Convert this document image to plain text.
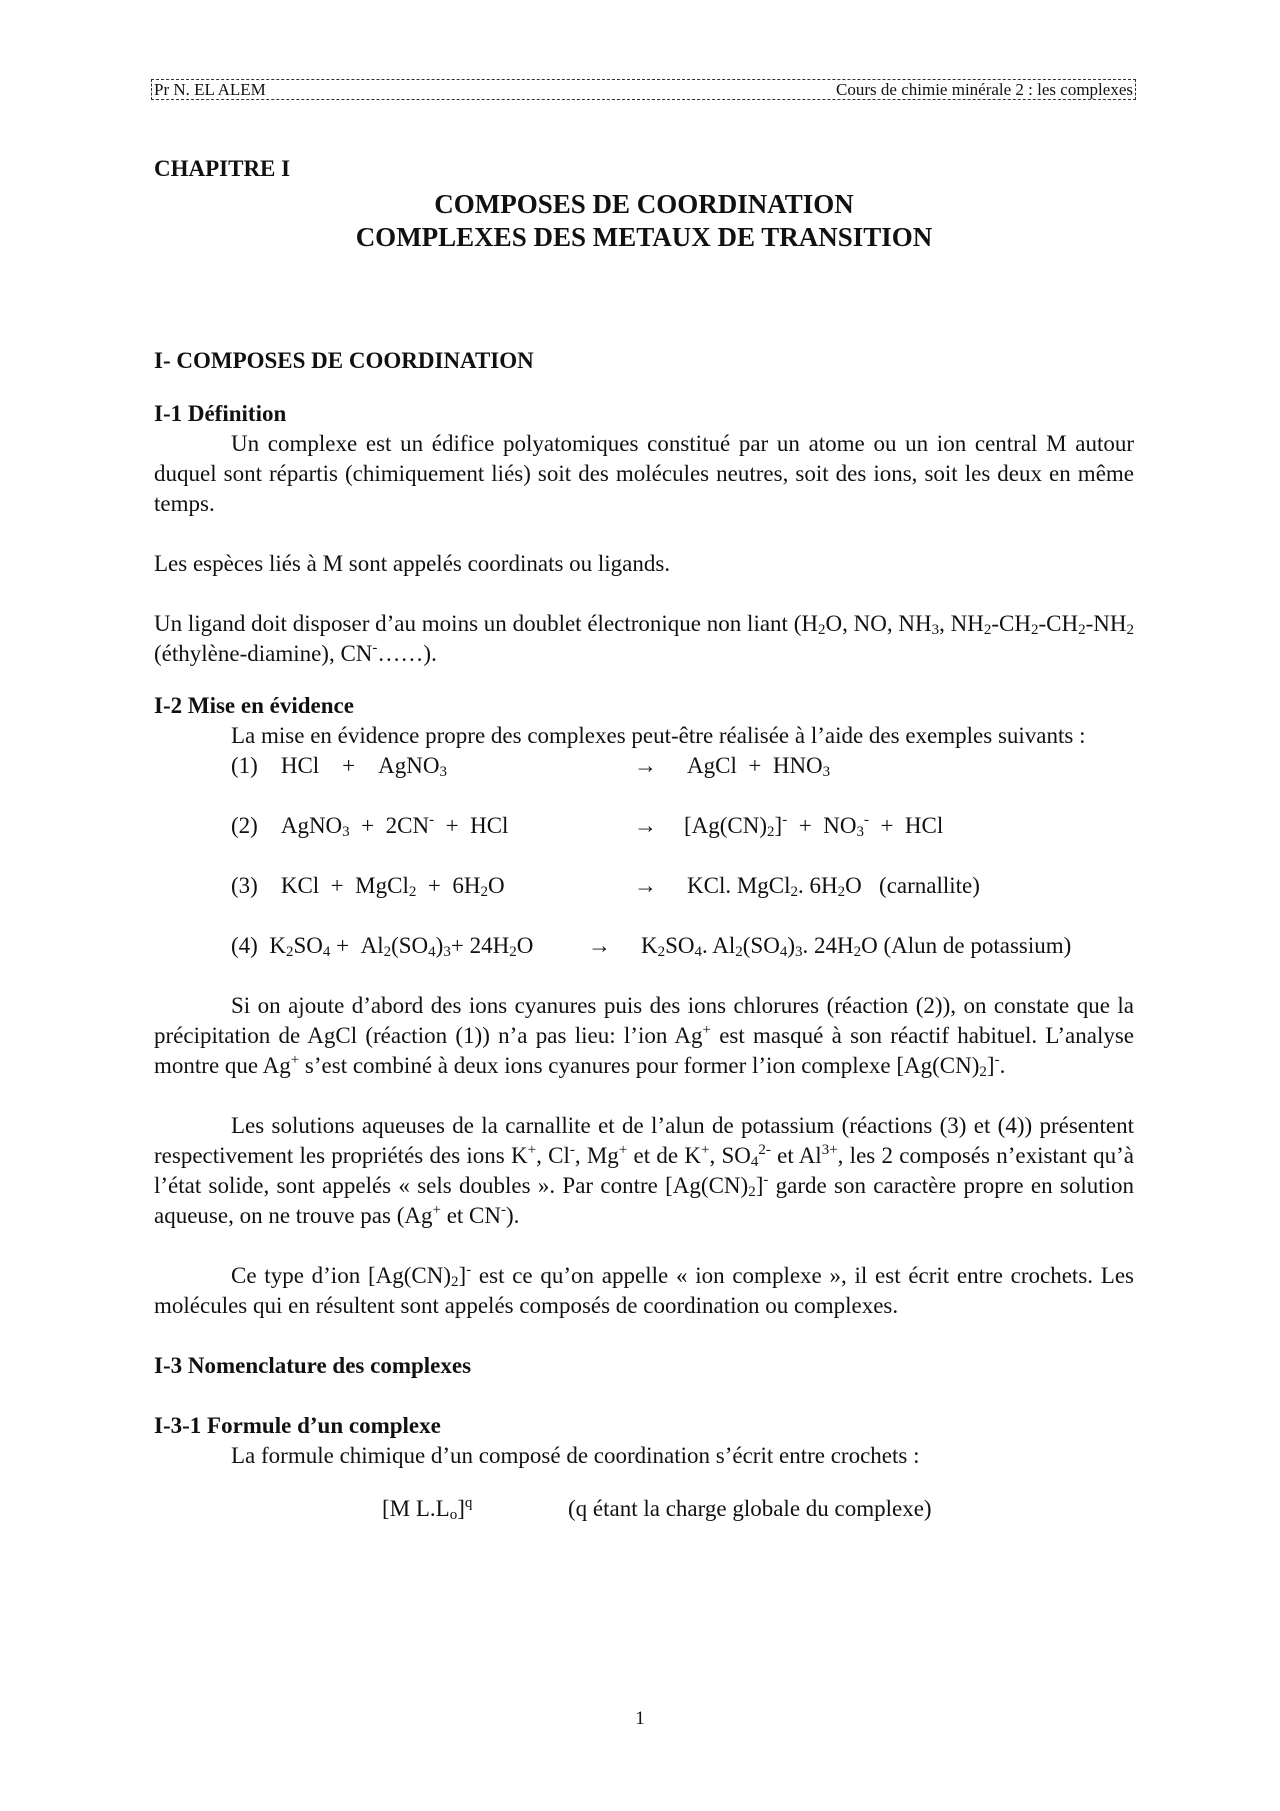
Pr N. EL ALEM	Cours de chimie minérale 2 : les complexes
CHAPITRE I
COMPOSES DE COORDINATION
COMPLEXES DES METAUX DE TRANSITION
I- COMPOSES DE COORDINATION
I-1 Définition

Un complexe est un édifice polyatomiques constitué par un atome ou un ion central M autour duquel sont répartis (chimiquement liés) soit des molécules neutres, soit des ions, soit les deux en même temps.

Les espèces liés à M sont appelés coordinats ou ligands.

Un ligand doit disposer d’au moins un doublet électronique non liant ($H_2O$, NO, $NH_3$, $NH_2-CH_2-CH_2-NH_2$ (éthylène-diamine), CN-……).

I-2 Mise en évidence

La mise en évidence propre des complexes peut-être réalisée à l’aide des exemples suivants :

(1) HCl + AgNO$_3$	→ AgCl + $HNO_3$
(2) AgNO$_3$ + 2CN- + HCl	→ $[Ag(CN)_2]^- + NO_3^-$ + HCl
(3) KCl + MgCl$_2$ + $6H_2O$	→ KCl. MgCl$_2$. $6H_2O$ (carnallite)
(4) $K_2SO_4 + Al_2(SO_4)_3+ 24H_2O \to K_2SO_4$. $Al_2(SO_4)_3$. $24H_2O$ (Alun de potassium)

Si on ajoute d’abord des ions cyanures puis des ions chlorures (réaction (2)), on constate que la précipitation de AgCl (réaction (1)) n’a pas lieu: l’ion Ag+ est masqué à son réactif habituel. L’analyse montre que Ag+ s’est combiné à deux ions cyanures pour former l’ion complexe $[Ag(CN)_2]^-$.

Les solutions aqueuses de la carnallite et de l’alun de potassium (réactions (3) et (4)) présentent respectivement les propriétés des ions K+, Cl-, Mg+ et de K+, $SO_4^{2-}$ et $Al^{3+}$, les 2 composés n’existant qu’à l’état solide, sont appelés « sels doubles ». Par contre $[Ag(CN)_2]^-$ garde son caractère propre en solution aqueuse, on ne trouve pas (Ag+ et CN-).

Ce type d’ion $[Ag(CN)_2]^-$ est ce qu’on appelle « ion complexe », il est écrit entre crochets. Les molécules qui en résultent sont appelés composés de coordination ou complexes.

I-3 Nomenclature des complexes
I-3-1 Formule d’un complexe

La formule chimique d’un composé de coordination s’écrit entre crochets :

[M $L.L_o]^q$	(q étant la charge globale du complexe)
1
